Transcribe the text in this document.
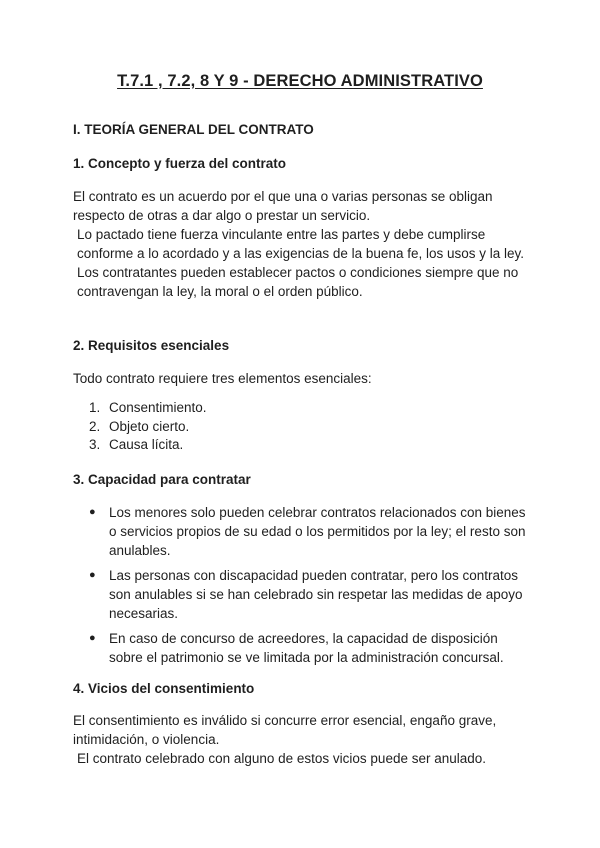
T.7.1 , 7.2, 8 Y 9 - DERECHO ADMINISTRATIVO
I. TEORÍA GENERAL DEL CONTRATO
1. Concepto y fuerza del contrato

El contrato es un acuerdo por el que una o varias personas se obligan respecto de otras a dar algo o prestar un servicio.

Lo pactado tiene fuerza vinculante entre las partes y debe cumplirse conforme a lo acordado y a las exigencias de la buena fe, los usos y la ley.

Los contratantes pueden establecer pactos o condiciones siempre que no contravengan la ley, la moral o el orden público.

2. Requisitos esenciales
Todo contrato requiere tres elementos esenciales:
1. Consentimiento.
2. Objeto cierto.
3. Causa lícita.
3. Capacidad para contratar
● Los menores solo pueden celebrar contratos relacionados con bienes o servicios propios de su edad o los permitidos por la ley; el resto son anulables.
● Las personas con discapacidad pueden contratar, pero los contratos son anulables si se han celebrado sin respetar las medidas de apoyo necesarias.
● En caso de concurso de acreedores, la capacidad de disposición sobre el patrimonio se ve limitada por la administración concursal.
4. Vicios del consentimiento

El consentimiento es inválido si concurre error esencial, engaño grave, intimidación, o violencia.

El contrato celebrado con alguno de estos vicios puede ser anulado.
